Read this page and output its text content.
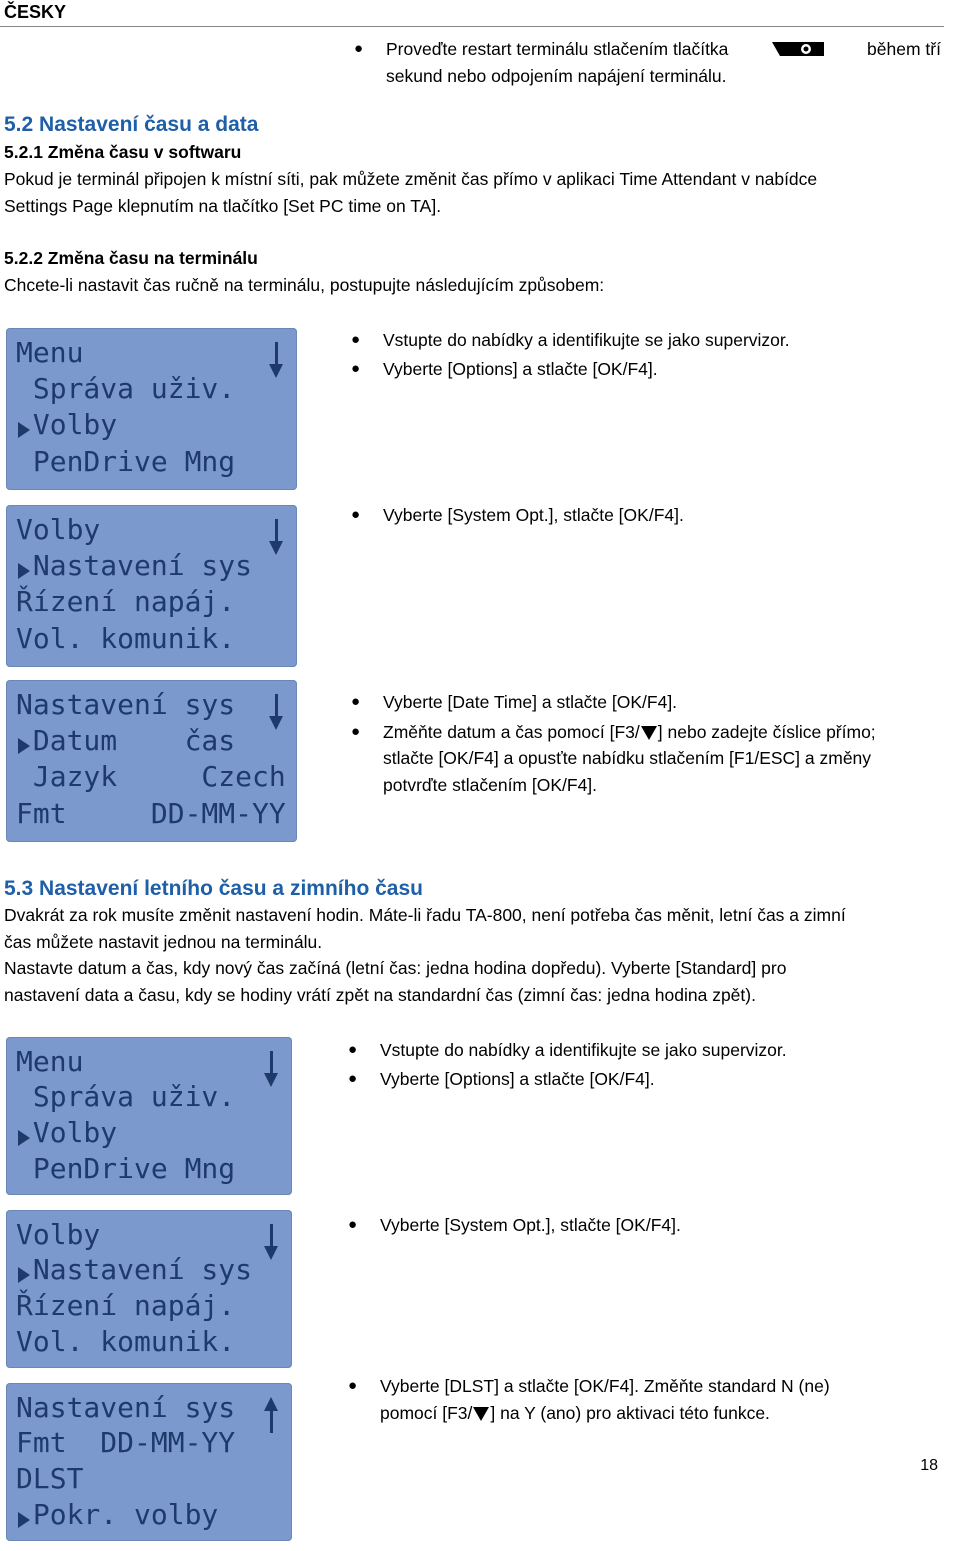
ČESKY
● Proveďte restart terminálu stlačením tlačítka	během tří
sekund nebo odpojením napájení terminálu.
5.2 Nastavení času a data
5.2.1 Změna času v softwaru
Pokud je terminál připojen k místní síti, pak můžete změnit čas přímo v aplikaci Time Attendant v nabídce
Settings Page klepnutím na tlačítko [Set PC time on TA].
5.2.2 Změna času na terminálu
Chcete-li nastavit čas ručně na terminálu, postupujte následujícím způsobem:
Menu
Správa uživ.
Volby
PenDrive Mng
● Vstupte do nabídky a identifikujte se jako supervizor.
● Vyberte [Options] a stlačte [OK/F4].
Volby
Nastavení sys
Řízení napáj.
Vol. komunik.
● Vyberte [System Opt.], stlačte [OK/F4].
Nastavení sys
Datum    čas
Jazyk     Czech
Fmt     DD-MM-YY
● Vyberte [Date Time] a stlačte [OK/F4].
● Změňte datum a čas pomocí [F3/ ] nebo zadejte číslice přímo;
stlačte [OK/F4] a opusťte nabídku stlačením [F1/ESC] a změny
potvrďte stlačením [OK/F4].
5.3 Nastavení letního času a zimního času
Dvakrát za rok musíte změnit nastavení hodin. Máte-li řadu TA-800, není potřeba čas měnit, letní čas a zimní
čas můžete nastavit jednou na terminálu.
Nastavte datum a čas, kdy nový čas začíná (letní čas: jedna hodina dopředu). Vyberte [Standard] pro
nastavení data a času, kdy se hodiny vrátí zpět na standardní čas (zimní čas: jedna hodina zpět).
Menu
Správa uživ.
Volby
PenDrive Mng
● Vstupte do nabídky a identifikujte se jako supervizor.
● Vyberte [Options] a stlačte [OK/F4].
Volby
Nastavení sys
Řízení napáj.
Vol. komunik.
● Vyberte [System Opt.], stlačte [OK/F4].
Nastavení sys
Fmt  DD-MM-YY
DLST
Pokr. volby
● Vyberte [DLST] a stlačte [OK/F4]. Změňte standard N (ne)
pomocí [F3/ ] na Y (ano) pro aktivaci této funkce.
18
